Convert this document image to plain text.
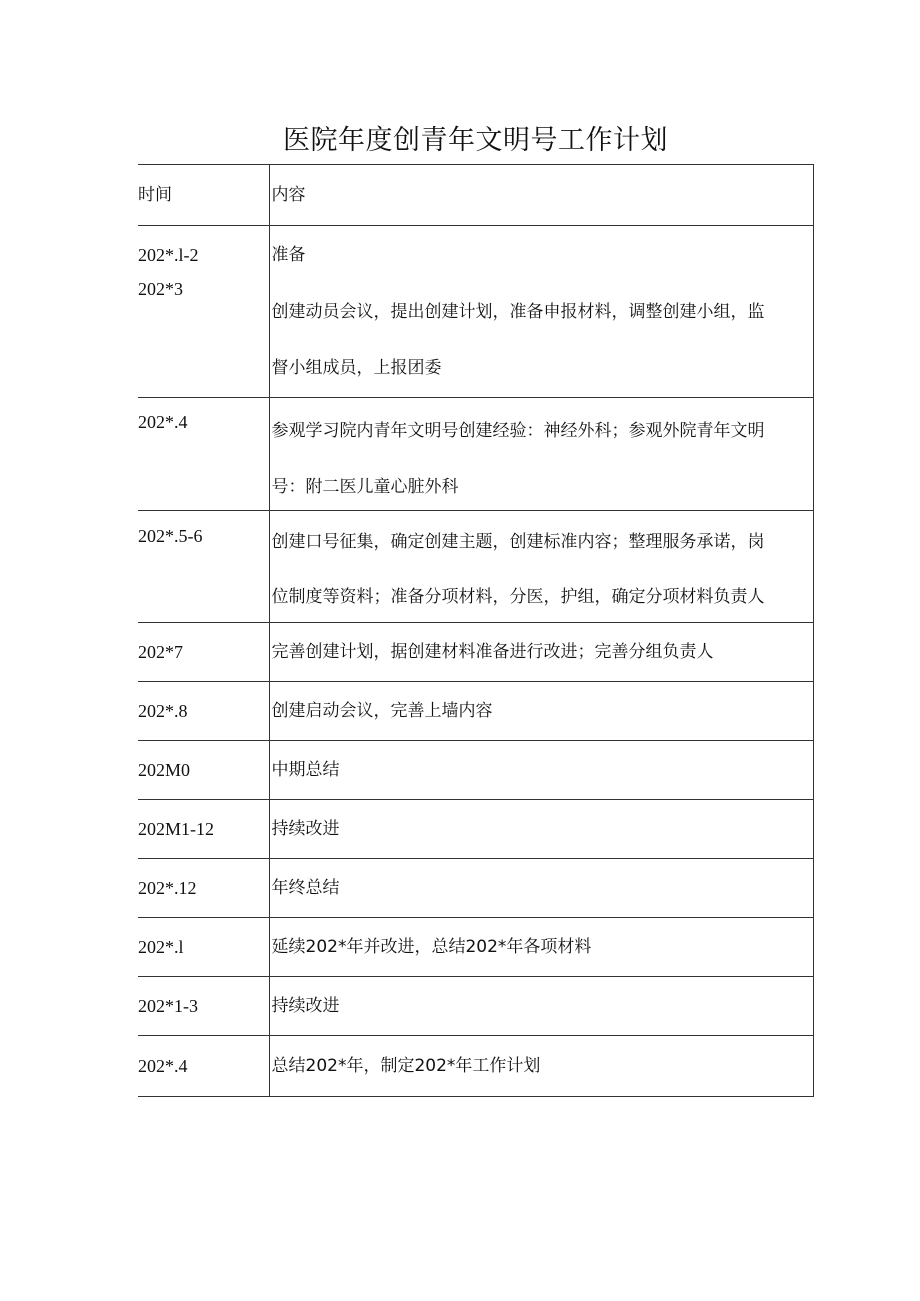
医院年度创青年文明号工作计划
时间	内容

202*.l-2
202*3	准备
创建动员会议，提出创建计划，准备申报材料，调整创建小组，监
督小组成员，上报团委

202*.4	参观学习院内青年文明号创建经验：神经外科；参观外院青年文明
号：附二医儿童心脏外科

202*.5-6	创建口号征集，确定创建主题，创建标准内容；整理服务承诺，岗
位制度等资料；准备分项材料，分医，护组，确定分项材料负责人

202*7	完善创建计划，据创建材料准备进行改进；完善分组负责人
202*.8	创建启动会议，完善上墙内容
202M0	中期总结
202M1-12	持续改进
202*.12	年终总结
202*.l	延续202*年并改进，总结202*年各项材料
202*1-3	持续改进
202*.4	总结202*年，制定202*年工作计划
